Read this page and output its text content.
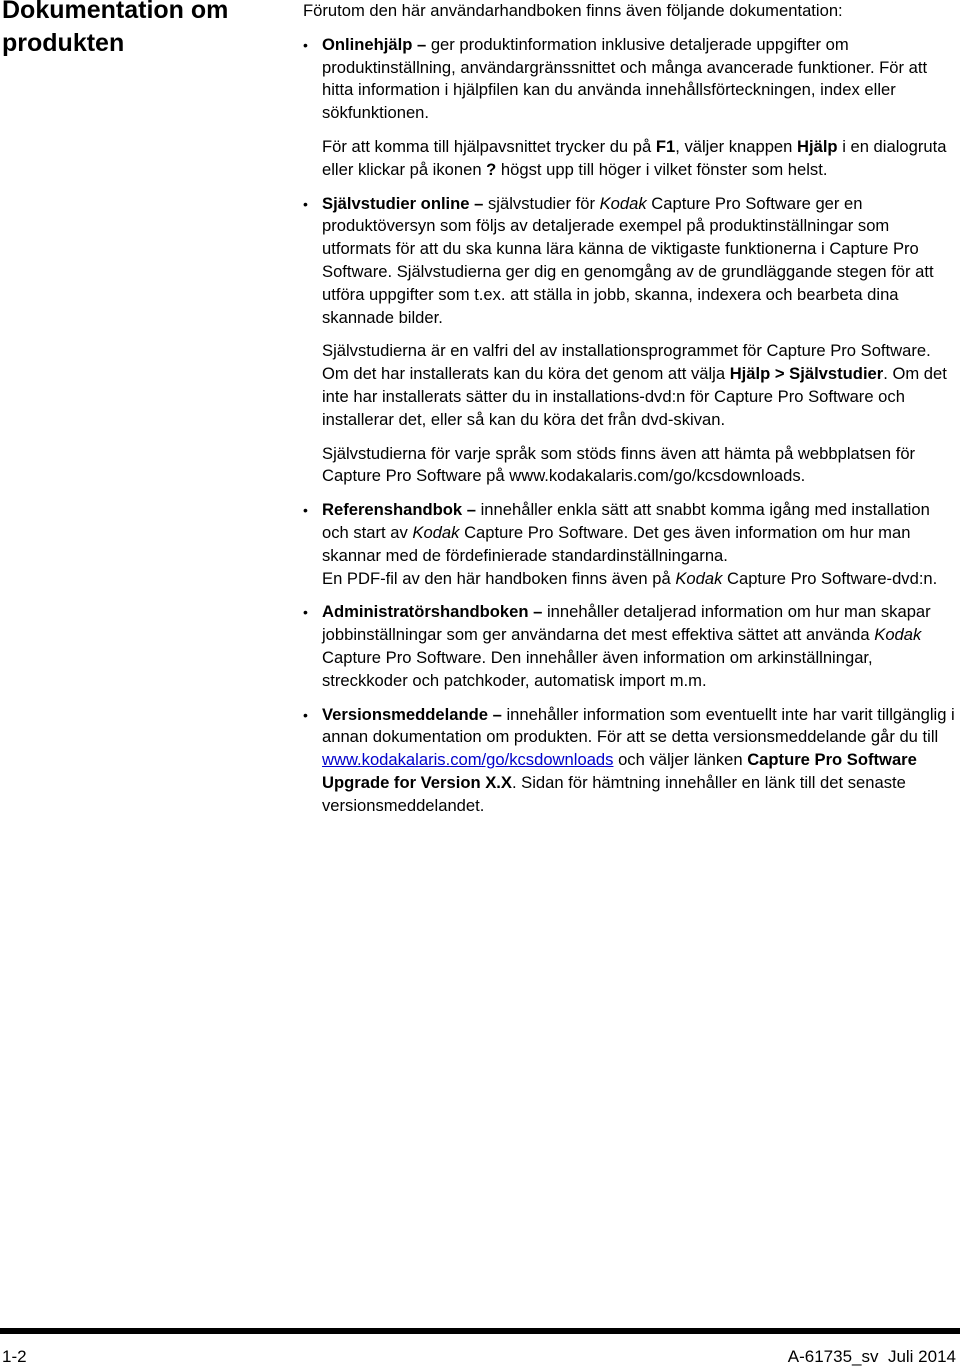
Dokumentation om
produkten

Förutom den här användarhandboken finns även följande dokumentation:

• Onlinehjälp – ger produktinformation inklusive detaljerade uppgifter om produktinställning, användargränssnittet och många avancerade funktioner. För att hitta information i hjälpfilen kan du använda innehållsförteckningen, index eller sökfunktionen.

För att komma till hjälpavsnittet trycker du på F1, väljer knappen Hjälp i en dialogruta eller klickar på ikonen ? högst upp till höger i vilket fönster som helst.

• Självstudier online – självstudier för Kodak Capture Pro Software ger en produktöversyn som följs av detaljerade exempel på produktinställningar som utformats för att du ska kunna lära känna de viktigaste funktionerna i Capture Pro Software. Självstudierna ger dig en genomgång av de grundläggande stegen för att utföra uppgifter som t.ex. att ställa in jobb, skanna, indexera och bearbeta dina skannade bilder.

Självstudierna är en valfri del av installationsprogrammet för Capture Pro Software. Om det har installerats kan du köra det genom att välja Hjälp > Självstudier. Om det inte har installerats sätter du in installations-dvd:n för Capture Pro Software och installerar det, eller så kan du köra det från dvd-skivan.

Självstudierna för varje språk som stöds finns även att hämta på webbplatsen för Capture Pro Software på www.kodakalaris.com/go/kcsdownloads.

• Referenshandbok – innehåller enkla sätt att snabbt komma igång med installation och start av Kodak Capture Pro Software. Det ges även information om hur man skannar med de fördefinierade standardinställningarna.
En PDF-fil av den här handboken finns även på Kodak Capture Pro Software-dvd:n.

• Administratörshandboken – innehåller detaljerad information om hur man skapar jobbinställningar som ger användarna det mest effektiva sättet att använda Kodak Capture Pro Software. Den innehåller även information om arkinställningar, streckkoder och patchkoder, automatisk import m.m.

• Versionsmeddelande – innehåller information som eventuellt inte har varit tillgänglig i annan dokumentation om produkten. För att se detta versionsmeddelande går du till www.kodakalaris.com/go/kcsdownloads och väljer länken Capture Pro Software Upgrade for Version X.X. Sidan för hämtning innehåller en länk till det senaste versionsmeddelandet.

1-2	A-61735_sv  Juli 2014
